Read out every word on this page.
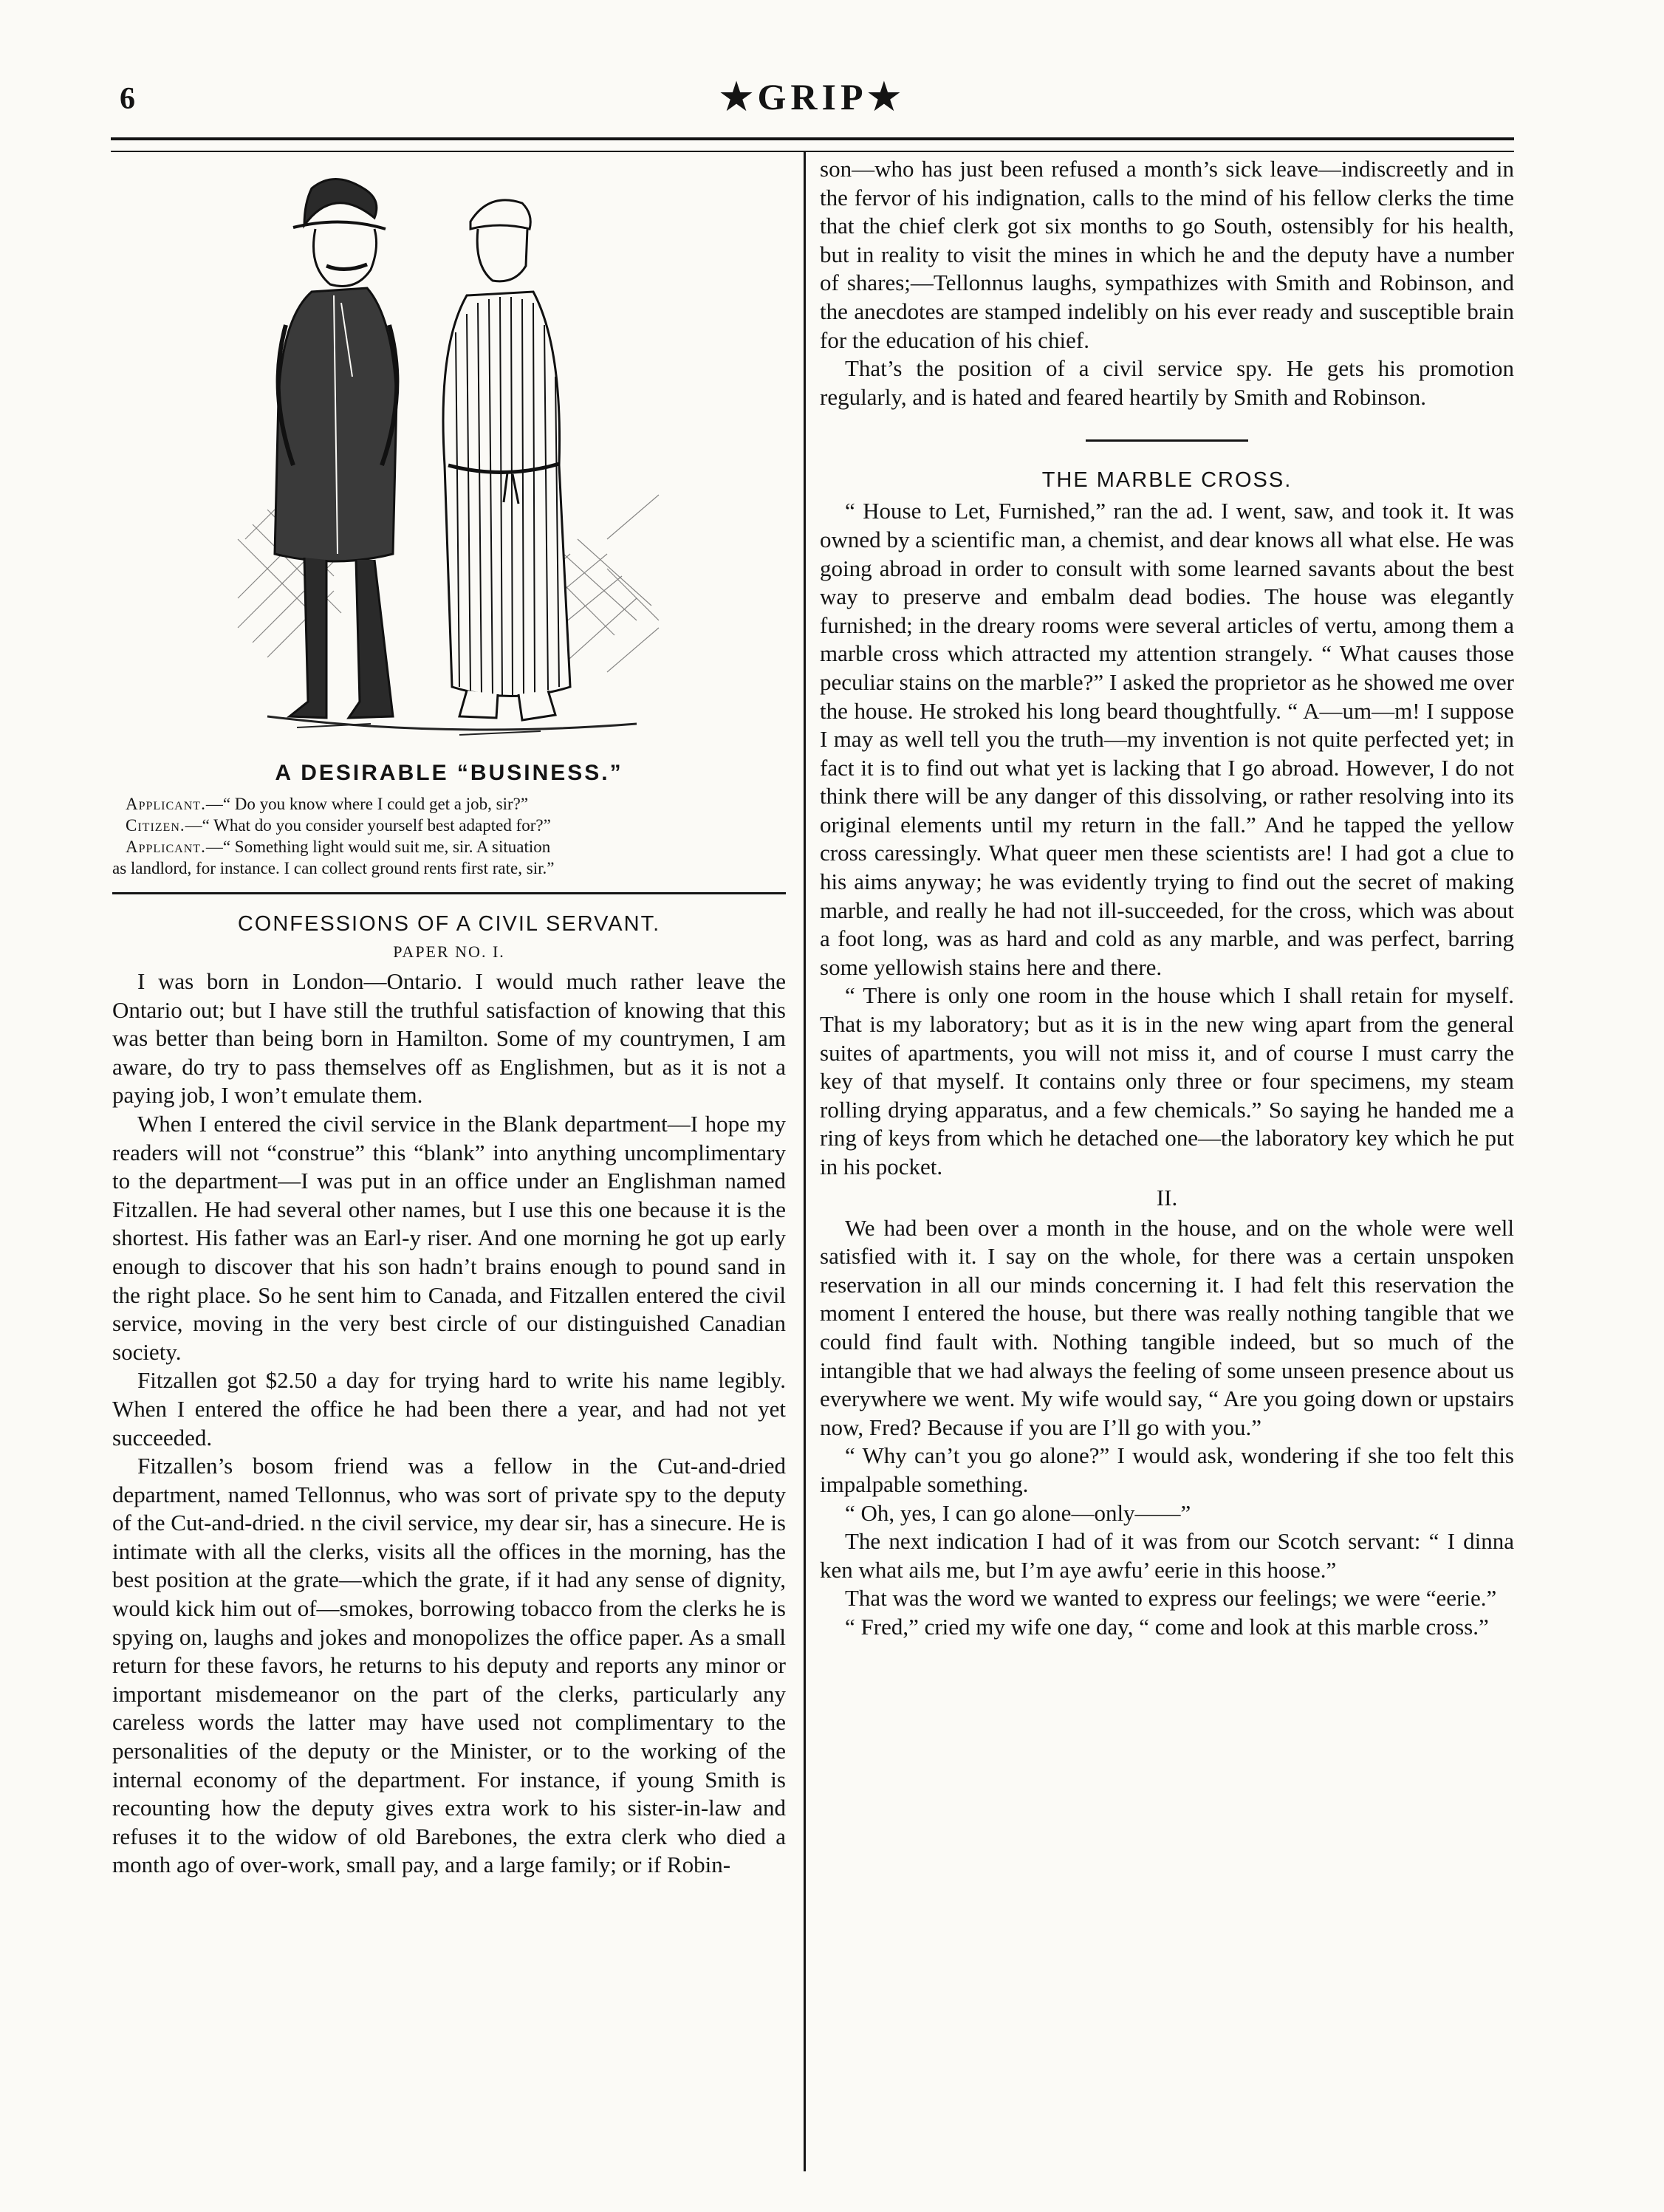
6	★GRIP★
A DESIRABLE “BUSINESS.”

Applicant.—“ Do you know where I could get a job, sir?”

Citizen.—“ What do you consider yourself best adapted for?”

Applicant.—“ Something light would suit me, sir. A situation

as landlord, for instance. I can collect ground rents first rate, sir.”

CONFESSIONS OF A CIVIL SERVANT.
PAPER NO. I.

I was born in London—Ontario. I would much rather leave the Ontario out; but I have still the truthful satisfaction of knowing that this was better than being born in Hamilton. Some of my countrymen, I am aware, do try to pass themselves off as Englishmen, but as it is not a paying job, I won’t emulate them.

When I entered the civil service in the Blank department—I hope my readers will not “construe” this “blank” into anything uncomplimentary to the department—I was put in an office under an Englishman named Fitzallen. He had several other names, but I use this one because it is the shortest. His father was an Earl-y riser. And one morning he got up early enough to discover that his son hadn’t brains enough to pound sand in the right place. So he sent him to Canada, and Fitzallen entered the civil service, moving in the very best circle of our distinguished Canadian society.

Fitzallen got $2.50 a day for trying hard to write his name legibly. When I entered the office he had been there a year, and had not yet succeeded.

Fitzallen’s bosom friend was a fellow in the Cut-and-dried department, named Tellonnus, who was sort of private spy to the deputy of the Cut-and-dried. n the civil service, my dear sir, has a sinecure. He is intimate with all the clerks, visits all the offices in the morning, has the best position at the grate—which the grate, if it had any sense of dignity, would kick him out of—smokes, borrowing tobacco from the clerks he is spying on, laughs and jokes and monopolizes the office paper. As a small return for these favors, he returns to his deputy and reports any minor or important misdemeanor on the part of the clerks, particularly any careless words the latter may have used not complimentary to the personalities of the deputy or the Minister, or to the working of the internal economy of the department. For instance, if young Smith is recounting how the deputy gives extra work to his sister-in-law and refuses it to the widow of old Barebones, the extra clerk who died a month ago of over-work, small pay, and a large family; or if Robin-

son—who has just been refused a month’s sick leave—indiscreetly and in the fervor of his indignation, calls to the mind of his fellow clerks the time that the chief clerk got six months to go South, ostensibly for his health, but in reality to visit the mines in which he and the deputy have a number of shares;—Tellonnus laughs, sympathizes with Smith and Robinson, and the anecdotes are stamped indelibly on his ever ready and susceptible brain for the education of his chief.

That’s the position of a civil service spy. He gets his promotion regularly, and is hated and feared heartily by Smith and Robinson.

THE MARBLE CROSS.

“ House to Let, Furnished,” ran the ad. I went, saw, and took it. It was owned by a scientific man, a chemist, and dear knows all what else. He was going abroad in order to consult with some learned savants about the best way to preserve and embalm dead bodies. The house was elegantly furnished; in the dreary rooms were several articles of vertu, among them a marble cross which attracted my attention strangely. “ What causes those peculiar stains on the marble?” I asked the proprietor as he showed me over the house. He stroked his long beard thoughtfully. “ A—um—m! I suppose I may as well tell you the truth—my invention is not quite perfected yet; in fact it is to find out what yet is lacking that I go abroad. However, I do not think there will be any danger of this dissolving, or rather resolving into its original elements until my return in the fall.” And he tapped the yellow cross caressingly. What queer men these scientists are! I had got a clue to his aims anyway; he was evidently trying to find out the secret of making marble, and really he had not ill-succeeded, for the cross, which was about a foot long, was as hard and cold as any marble, and was perfect, barring some yellowish stains here and there.

“ There is only one room in the house which I shall retain for myself. That is my laboratory; but as it is in the new wing apart from the general suites of apartments, you will not miss it, and of course I must carry the key of that myself. It contains only three or four specimens, my steam rolling drying apparatus, and a few chemicals.” So saying he handed me a ring of keys from which he detached one—the laboratory key which he put in his pocket.

II.

We had been over a month in the house, and on the whole were well satisfied with it. I say on the whole, for there was a certain unspoken reservation in all our minds concerning it. I had felt this reservation the moment I entered the house, but there was really nothing tangible that we could find fault with. Nothing tangible indeed, but so much of the intangible that we had always the feeling of some unseen presence about us everywhere we went. My wife would say, “ Are you going down or upstairs now, Fred? Because if you are I’ll go with you.”

“ Why can’t you go alone?” I would ask, wondering if she too felt this impalpable something.

“ Oh, yes, I can go alone—only——”

The next indication I had of it was from our Scotch servant: “ I dinna ken what ails me, but I’m aye awfu’ eerie in this hoose.”

That was the word we wanted to express our feelings; we were “eerie.”

“ Fred,” cried my wife one day, “ come and look at this marble cross.”
